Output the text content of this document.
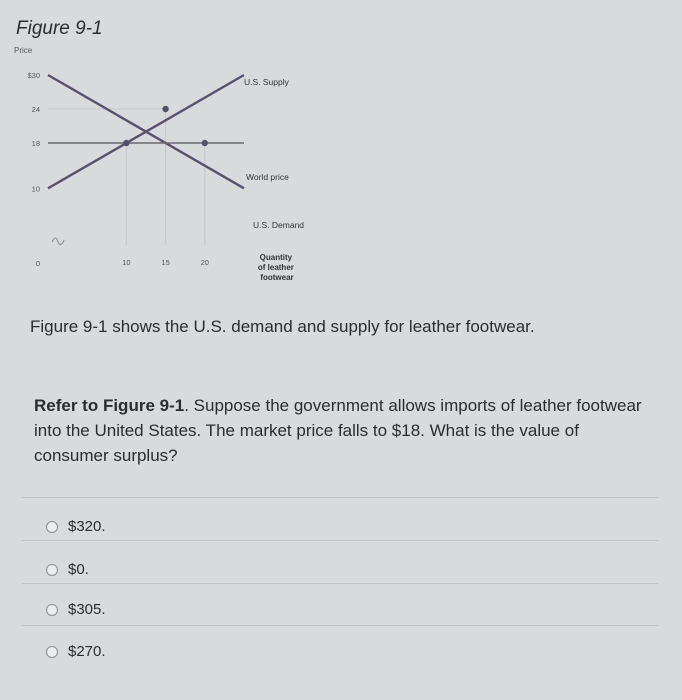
Figure 9-1
$30
24
18
10
0	10	15	20
Price
U.S. Supply
World price
U.S. Demand
Quantity of leather footwear
Figure 9-1 shows the U.S. demand and supply for leather footwear.
Refer to Figure 9-1. Suppose the government allows imports of leather footwear into the United States. The market price falls to $18. What is the value of consumer surplus?
$320.
$0.
$305.
$270.
